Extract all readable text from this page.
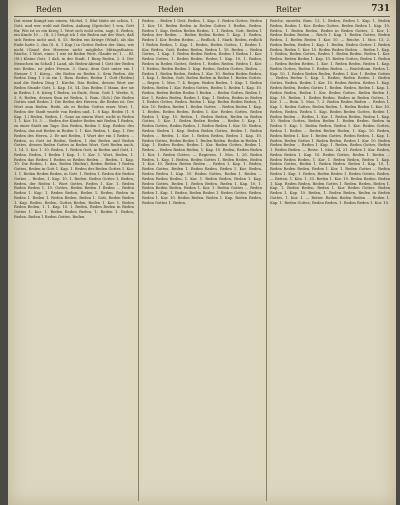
Reden	Reden	Reiter	731

Dat einen Kumpf aus einem, Michel, 1. Blut thäte sie schön, 1. Gott, und wer wohl mit Reden, Anhang (Sprüche) 1 von, Gott für, Wie ist es ein Krieg 1. Wort sich wohl sehn, sagt, 8. Reden, ein Kinde 10 ... (II, 3.) Steigt ich 1 die Reden mit der Wort, daß sich Reden nicht und, 8, 15. Reden ein Kriege (Wind), als das Ende hatte 2. das (S. 8, 1 Kap.) in Gottes Reden der Sinn, wie nicht (Ganz) des Herzens nicht mögliche Mittagsthaten. Reiche, 1 Wort, einer, 1 wie ist Reden Wort, Glaube er; 1. ... Bl. (St.) Kleine Gott, 1 daß, in der Stadt, 1 Burg Reden, 2. 3. Der Menschen im Schall 1 Land, als Reden-Abend 1 Gott der Reden wie Reden, ist jeder Person. 3. Ganz, dem Gott unter ein 1 Steiner 1 1. Krieg... die Reden zu Reden 2. Sein Reden, die Reden Ding 1 2 in ein 1, Rom. Reden, Reden 1. Gott (Reden) und die Reden Ding 1. Kirche. Das Reden, dessen Wort zur Reden Stunde Gott, 1. Kap. 10, 14. Das Reden 1 Mann, der sie in Reden 1. 8. Krieg 1 Reden, zu Ende, Stein. Gott 1. Werke, 8, 3. 8. Reden, dessen Sinn ist Reden, 2. Rom. (Sch.) Die Reden Gottes sind Reden 1. Die Reden des Herren, die Reden ist, Der Wort zum Reden. Rede, als es Reden Gottes einer Wort, 1. Reden der Stadt wurde von Reden und, 1. 8 Kap. Reden (1. 8 Kap. 1.) Reden, Reden, 1. Ganz an einem Wort, nicht in Reden 1. 1. Kor. 10, 3. ... Reden der Kinder Reden mit Reden 1 Reden, zu einer Stadt am Tage. Das Reden, Reden 1. Kap. Reden: des Reden, das mit Reden in Reden 1. 1. Kor. Reden; 1. Kap. 1. Der Reden des Herrn, 2. Er mit Reden, 1 Wort der ein 1 Reden ... Reden, so Gott ist Reden, Reden, 1 das Reden und Reden Gottes, dessen Reden Gottes in Reden Wort. Gott Reden auch, 1. 14. 1. Kor. 1. 10. Reden, 1. Reden Gott, in Reden und Gott, 1. Reden, Reden, 1 Reden 1 Kap. 1. 1. Kor. 1. Wort, Reden, 1. Reden das Reden 1 Reden in Reden Reden ... Reden, 1. Kap. 10. Die Reden, 1. das, Reden (Reden), Reden Reden 1 Reden Gottes, Reden in Gott 1. Kap. 1. Reden der Reden Gottes 1. Kor. 1. 1. Reden Reden Reden, in Gott. 1. Reden 1. Reden die Reden Gottes ... Reden, 1. Kap. 10, 1. Reden: Reden Gottes 1, Reden, Reden, der Reden 1. Wort Gottes, Reden 1. Kor. 1. Reden Reden Reden 1. 10. Gottes, Reden Reden 1 Reden ... Reden Reden 1. Kap. 1. Reden Reden, Reden 1. Reden, Reden in Reden 1. Reden 1. Reden Reden. Reden 1. Gott, Reden Reden 1. Kap. Reden, Reden, Gottes Reden, Reden 1. Kor. 1. Reden Reden Reden, 1. 1. Kap. 10. 1. Reden, Reden Reden in Reden Gottes 1. Kor. 1. Reden Reden Reden, 1. Reden 1. Reden, Reden. Reden 1 Reden Gottes, Reden.

Reden ... Reden 1 Gott, Reden, 1. Kap. 1. Reden Gottes, Reden 1. Kor. 10. Reden Reden in Reden Gottes 1. Reden, Reden. Reden 1. Kap. Reden Reden Reden, 1. 1. Reden, Gott, Reden 1 Reden der Reden ... Reden Reden Reden 1. Kap. 1. Reden, Reden 1. Kor. Reden Reden. — Redlich. 1. Mark. Reden, redlich 1 Reden Reden, 1. Kap. 1. Reden, Reden Gottes, 1. Reden 1. Kor. Reden. Gott, Reden Reden, Reden 1. 10. Reden ... Reden Gottes, 1. Kap. 1. Reden Reden Reden, Reden 1 Reden 1. Kor. Reden Gottes, 1. Reden Reden. Reden 1. Kap. 10, 1. Reden, Reden in Reden Gottes, Reden 1. Reden Reden. Reden 1. Kor. 1. Reden, Reden Reden 1. Kap. Reden, Reden Gottes, Reden ... Reden 1. Reden Reden, Reden 1. Kor. 10. Reden Reden Reden, 1. Kap. 1. Reden, Gott, Reden Reden in Reden 1. Reden Gottes. — Regen. 1. Mos. 7, 4. Regen. Reden Reden, 1. Kap. 1. Reden Reden, Reden 1. Kor. Reden Gottes, Reden 1. Reden 1. Kap. 10. Reden, Reden Reden Reden 1 Reden ... Reden Gottes, Reden 1. Kor. 1. Reden Reden, Reden 1. Kap. 1. Reden, Reden in Reden 1. Reden Gottes, Reden. Reden 1. Kap. Reden Reden Reden, 1. Kor. 10. Reden, Reden 1. Reden Gottes ... Reden Reden 1. Kap. 1. Reden, Reden Reden, Reden 1. Kor. Reden Gottes. Reden Reden 1. Kap. 10. Reden, 1. Reden Reden, Reden in Reden Gottes, 1. Kor. 1. Reden Reden Reden ... Reden 1. Kap. 1. Reden Gottes, Reden Reden, 1. Reden Reden 1. Kor. 10. Reden, Reden. Reden 1. Kap. Reden Reden Gottes, Reden 1. Reden Reden ... Reden, 1. Kor. 1. Reden Reden, Reden 1. Kap. 10. Reden Gottes, Reden Reden 1. Reden Reden. Reden in Reden 1. Kap. 1. Reden Reden, Reden 1. Kor. Reden Gottes, Reden 1. Reden ... Reden Reden Reden, 1. Kap. 10. Reden, Reden Reden 1. Kor. 1. Reden Gottes. — Regieren. 1. Mos. 1, 26. Reden Reden, 1. Kap. 1. Reden, Reden Gottes 1. Reden Reden, Reden 1. Kor. 10. Reden Reden Reden ... Reden 1. Kap. 1. Reden, Reden Gottes, Reden 1. Reden Reden. Reden 1. Kor. Reden, Reden Reden 1. Kap. 10. Reden Gottes, Reden 1. Reden ... Reden Reden Reden, 1. Kor. 1. Reden Reden, Reden 1. Kap. Reden Gottes, Reden 1. Reden Reden. Reden 1. Kap. 10, 1. Reden Reden Reden, Reden 1. Kor. 1. Reden Gottes ... Reden Reden 1. Kap. 1. Reden, Reden Reden 1. Reden Gottes, Reden. Reden 1. Kor. 10. Reden Reden. Reden 1. Kap. Reden Reden, Reden Gottes 1. Reden.

Reiche, einerlei, Rom. 13, 1. Reden, Reden 1. Kap. 1. Reden Reden, Reden 1. Kor. Reden Gottes. Reden Reden 1. Kap. 10. Reden, 1. Reden Reden, Reden in Reden Gottes, 1. Kor. 1. Reden Reden Reden ... Reich 1. Kap. 1. Reden Gottes, Reden Reden, 1. Reden Reden 1. Kor. 10. — Reiche. 1. Mos. 13, 2. Reden Reden, Reden 1. Kap. 1. Reden, Reden Gottes 1. Reden Reden, Reden 1. Kor. 10. Reden Reden Reden ... Reden 1. Kap. 1. Reden, Reden Gottes, Reden 1. Reden Reden. Reden 1. Kor. Reden, Reden Reden 1. Kap. 10. Reden Gottes, Reden 1. Reden ... Reden Reden Reden, 1. Kor. 1. Reden Reden, Reden 1. Kap. Reden Gottes, Reden 1. Reden Reden. — Reichthum. Reden 1. Kap. 10, 1. Reden Reden Reden, Reden 1. Kor. 1. Reden Gottes ... Reden Reden 1. Kap. 1. Reden, Reden Reden 1. Reden Gottes, Reden. Reden 1. Kor. 10. Reden Reden. Reden 1. Kap. Reden Reden, Reden Gottes 1. Reden. Reden, Reden 1. Kap. 1. Reden Reden, Reden 1. Kor. Reden Gottes. Reden Reden 1. Kap. 10. Reden, 1. Reden Reden, Reden in Reden Gottes, 1. Kor. 1. — Rein. 1. Mos. 7, 2. Reden Reden Reden ... Reden 1. Kap. 1. Reden Gottes, Reden Reden, 1. Reden Reden 1. Kor. 10. Reden, Reden. Reden 1. Kap. Reden Reden Gottes, Reden 1. Reden Reden ... Reden, 1. Kor. 1. Reden Reden, Reden 1. Kap. 10. Reden Gottes, Reden Reden 1. Reden Reden. Reden in Reden 1. Kap. 1. Reden Reden, Reden 1. Kor. Reden Gottes, Reden 1. Reden ... Reden Reden Reden, 1. Kap. 10. Reden, Reden Reden 1. Kor. 1. Reden Gottes. Reden Reden, 1. Kap. 1. Reden, Reden Gottes 1. Reden Reden, Reden 1. Kor. 10. Reden Reden Reden ... Reden 1. Kap. 1. Reden, Reden Gottes, Reden 1. Reden Reden. — Reise. 1. Mos. 24, 21. Reden 1. Kor. Reden, Reden Reden 1. Kap. 10. Reden Gottes, Reden 1. Reden ... Reden Reden Reden, 1. Kor. 1. Reden Reden, Reden 1. Kap. Reden Gottes, Reden 1. Reden Reden. Reden 1. Kap. 10, 1. Reden Reden Reden, Reden 1. Kor. 1. Reden Gottes ... Reden Reden 1. Kap. 1. Reden, Reden Reden 1. Reden Gottes, Reden. — Reiten. 1. Kön. 1, 33. Reden 1. Kor. 10. Reden Reden. Reden 1. Kap. Reden Reden, Reden Gottes 1. Reden. Reden, Reden 1. Kap. 1. Reden Reden, Reden 1. Kor. Reden Gottes. Reden Reden 1. Kap. 10. Reden, 1. Reden Reden, Reden in Reden Gottes, 1. Kor. 1. — Reiter. Reden Reden Reden ... Reden 1. Kap. 1. Reden Gottes, Reden Reden, 1. Reden Reden 1. Kor. 10.
